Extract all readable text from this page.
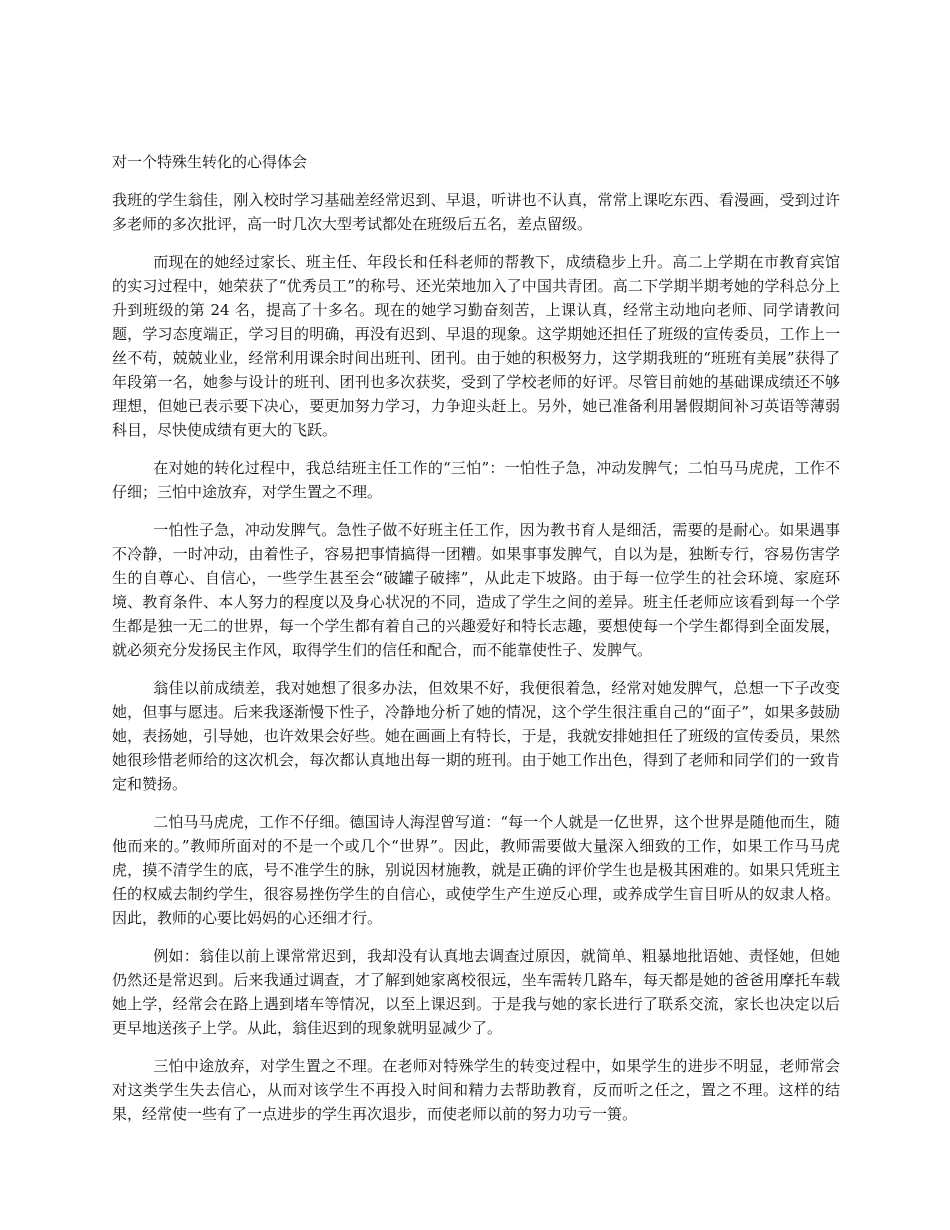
对一个特殊生转化的心得体会

我班的学生翁佳，刚入校时学习基础差经常迟到、早退，听讲也不认真，常常上课吃东西、看漫画，受到过许多老师的多次批评，高一时几次大型考试都处在班级后五名，差点留级。

而现在的她经过家长、班主任、年段长和任科老师的帮教下，成绩稳步上升。高二上学期在市教育宾馆的实习过程中，她荣获了“优秀员工”的称号、还光荣地加入了中国共青团。高二下学期半期考她的学科总分上升到班级的第 24 名，提高了十多名。现在的她学习勤奋刻苦，上课认真，经常主动地向老师、同学请教问题，学习态度端正，学习目的明确，再没有迟到、早退的现象。这学期她还担任了班级的宣传委员，工作上一丝不苟，兢兢业业，经常利用课余时间出班刊、团刊。由于她的积极努力，这学期我班的“班班有美展”获得了年段第一名，她参与设计的班刊、团刊也多次获奖，受到了学校老师的好评。尽管目前她的基础课成绩还不够理想，但她已表示要下决心，要更加努力学习，力争迎头赶上。另外，她已准备利用暑假期间补习英语等薄弱科目，尽快使成绩有更大的飞跃。

在对她的转化过程中，我总结班主任工作的“三怕”：一怕性子急，冲动发脾气；二怕马马虎虎，工作不仔细；三怕中途放弃，对学生置之不理。

一怕性子急，冲动发脾气。急性子做不好班主任工作，因为教书育人是细活，需要的是耐心。如果遇事不冷静，一时冲动，由着性子，容易把事情搞得一团糟。如果事事发脾气，自以为是，独断专行，容易伤害学生的自尊心、自信心，一些学生甚至会“破罐子破摔”，从此走下坡路。由于每一位学生的社会环境、家庭环境、教育条件、本人努力的程度以及身心状况的不同，造成了学生之间的差异。班主任老师应该看到每一个学生都是独一无二的世界，每一个学生都有着自己的兴趣爱好和特长志趣，要想使每一个学生都得到全面发展，就必须充分发扬民主作风，取得学生们的信任和配合，而不能靠使性子、发脾气。

翁佳以前成绩差，我对她想了很多办法，但效果不好，我便很着急，经常对她发脾气，总想一下子改变她，但事与愿违。后来我逐渐慢下性子，冷静地分析了她的情况，这个学生很注重自己的“面子”，如果多鼓励她，表扬她，引导她，也许效果会好些。她在画画上有特长，于是，我就安排她担任了班级的宣传委员，果然她很珍惜老师给的这次机会，每次都认真地出每一期的班刊。由于她工作出色，得到了老师和同学们的一致肯定和赞扬。

二怕马马虎虎，工作不仔细。德国诗人海涅曾写道：“每一个人就是一亿世界，这个世界是随他而生，随他而来的。”教师所面对的不是一个或几个“世界”。因此，教师需要做大量深入细致的工作，如果工作马马虎虎，摸不清学生的底，号不准学生的脉，别说因材施教，就是正确的评价学生也是极其困难的。如果只凭班主任的权威去制约学生，很容易挫伤学生的自信心，或使学生产生逆反心理，或养成学生盲目听从的奴隶人格。因此，教师的心要比妈妈的心还细才行。

例如：翁佳以前上课常常迟到，我却没有认真地去调查过原因，就简单、粗暴地批语她、责怪她，但她仍然还是常迟到。后来我通过调查，才了解到她家离校很远，坐车需转几路车，每天都是她的爸爸用摩托车载她上学，经常会在路上遇到堵车等情况，以至上课迟到。于是我与她的家长进行了联系交流，家长也决定以后更早地送孩子上学。从此，翁佳迟到的现象就明显减少了。

三怕中途放弃，对学生置之不理。在老师对特殊学生的转变过程中，如果学生的进步不明显，老师常会对这类学生失去信心，从而对该学生不再投入时间和精力去帮助教育，反而听之任之，置之不理。这样的结果，经常使一些有了一点进步的学生再次退步，而使老师以前的努力功亏一篑。
